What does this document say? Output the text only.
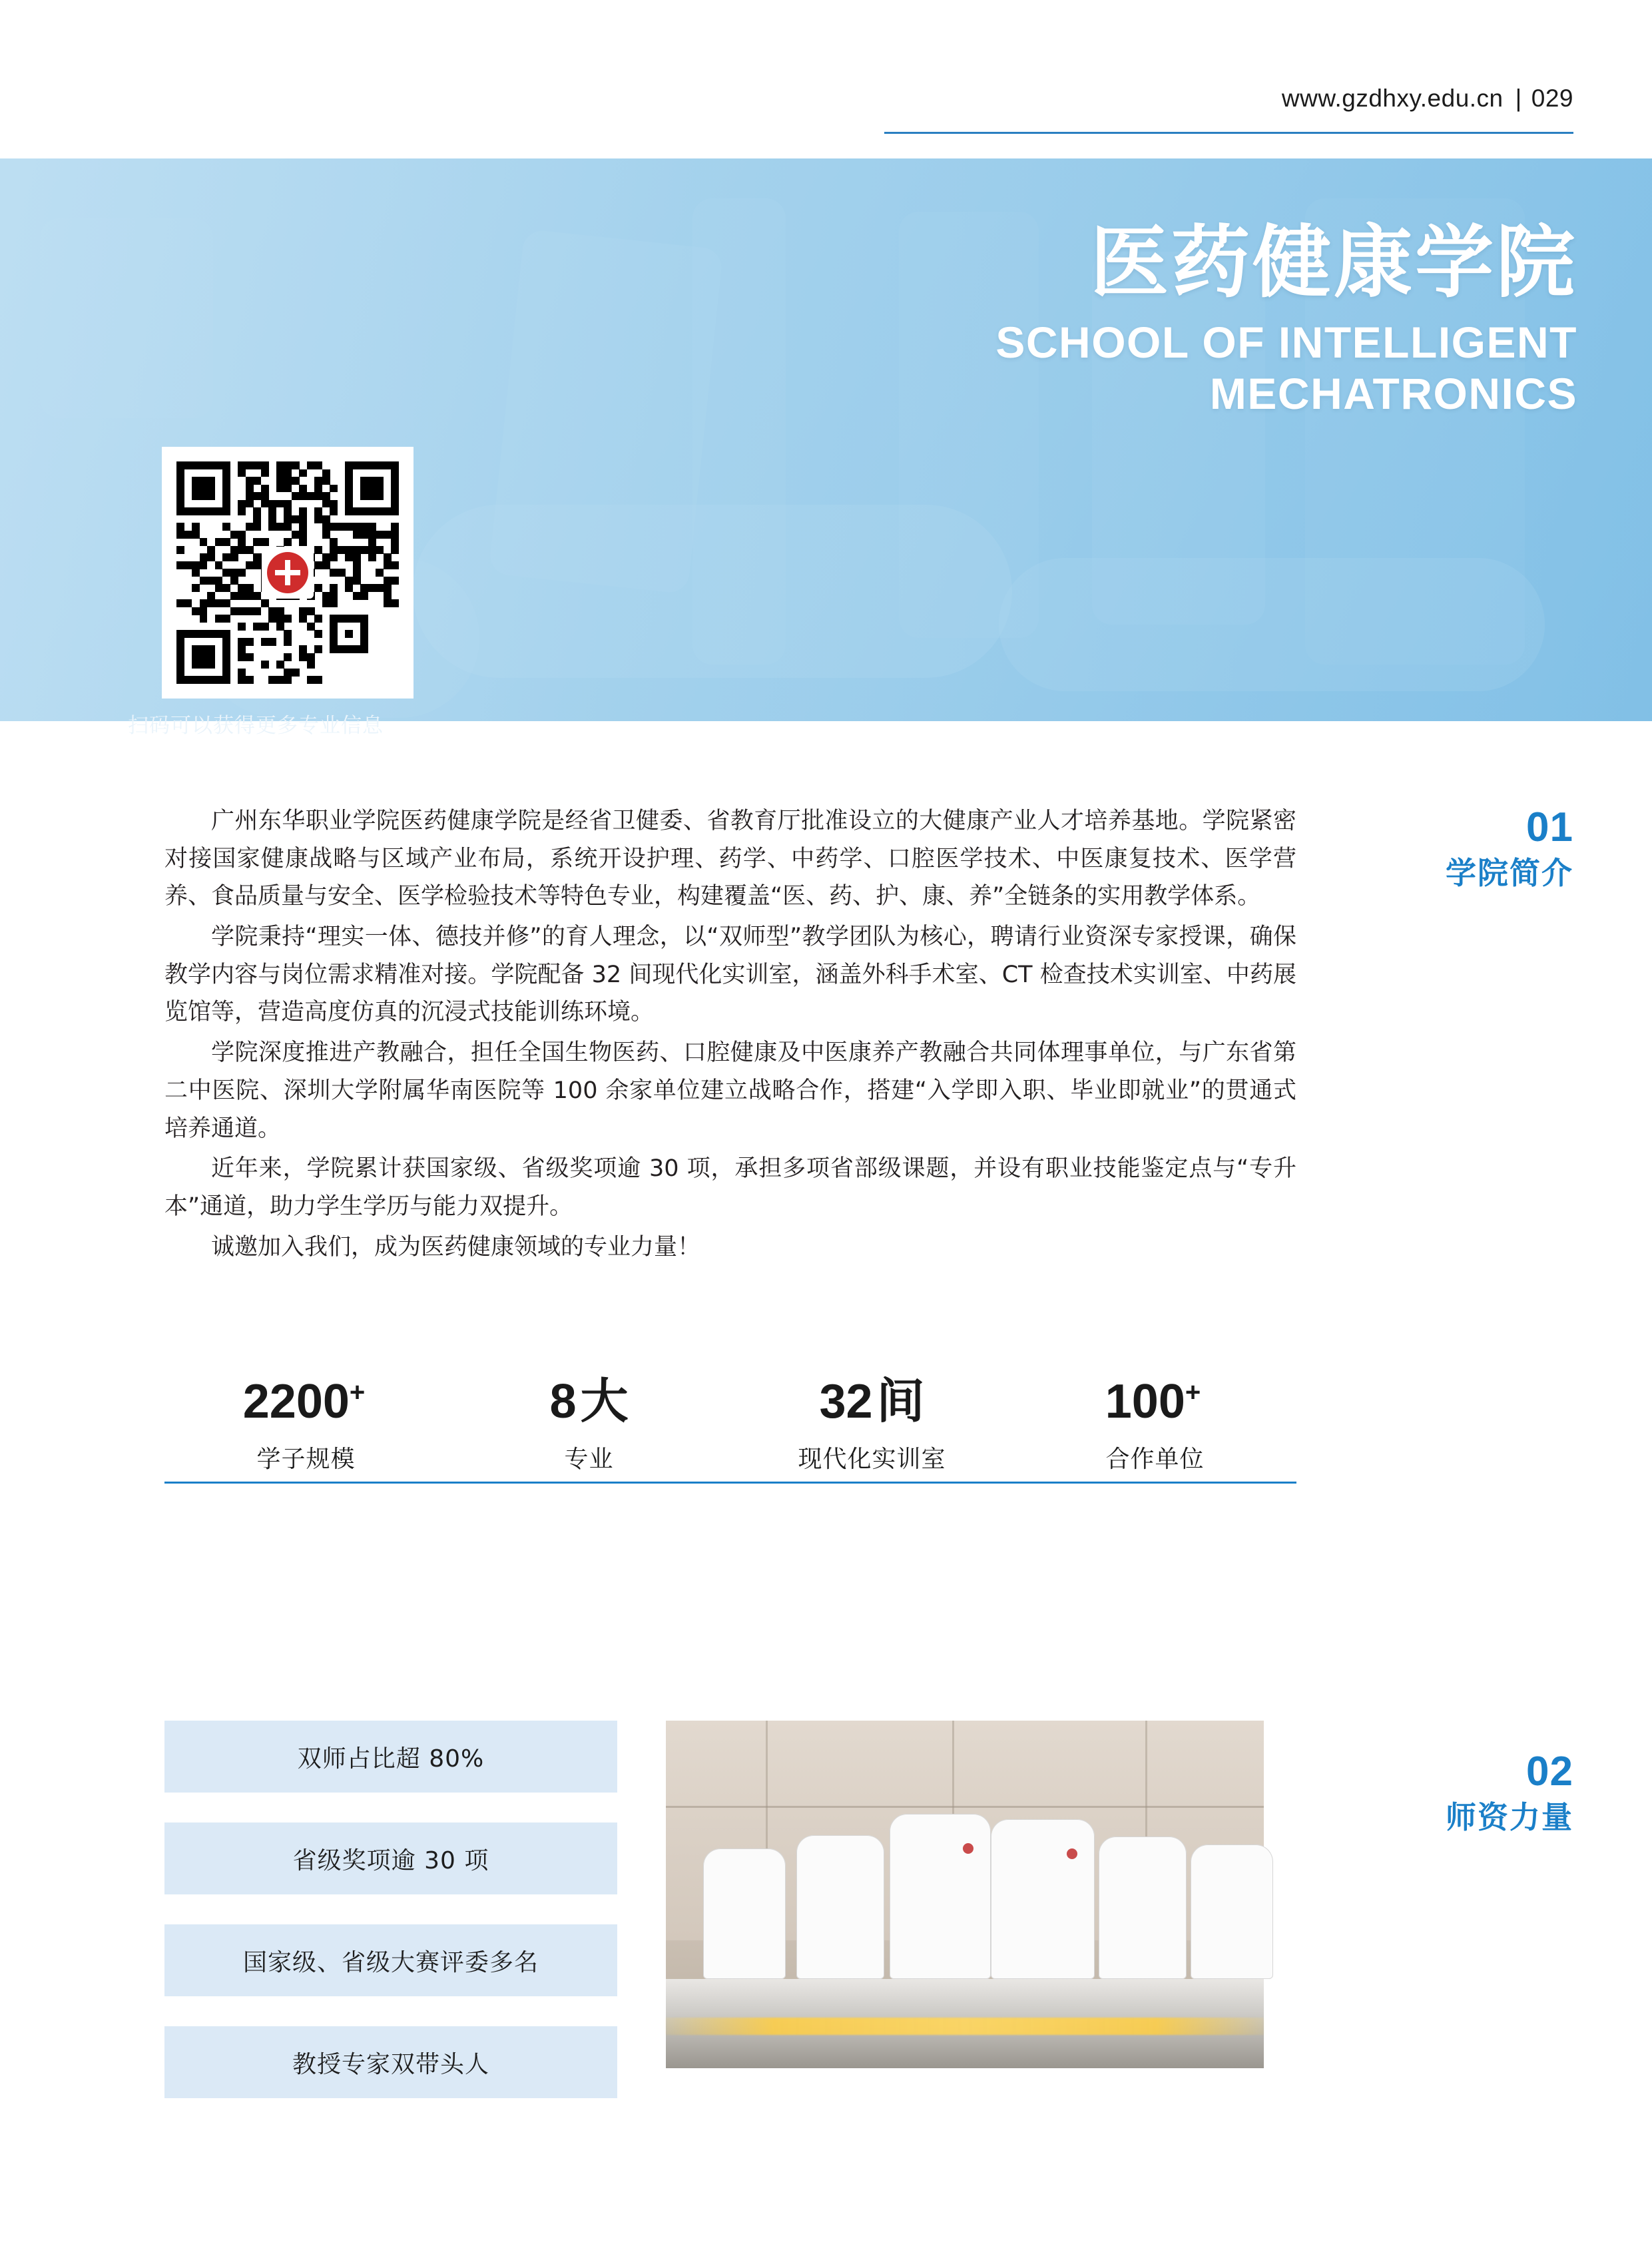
www.gzdhxy.edu.cn | 029
医药健康学院
SCHOOL OF INTELLIGENT
MECHATRONICS
扫码可以获得更多专业信息
01
学院简介

广州东华职业学院医药健康学院是经省卫健委、省教育厅批准设立的大健康产业人才培养基地。学院紧密对接国家健康战略与区域产业布局，系统开设护理、药学、中药学、口腔医学技术、中医康复技术、医学营养、食品质量与安全、医学检验技术等特色专业，构建覆盖“医、药、护、康、养”全链条的实用教学体系。

学院秉持“理实一体、德技并修”的育人理念，以“双师型”教学团队为核心，聘请行业资深专家授课，确保教学内容与岗位需求精准对接。学院配备 32 间现代化实训室，涵盖外科手术室、CT 检查技术实训室、中药展览馆等，营造高度仿真的沉浸式技能训练环境。

学院深度推进产教融合，担任全国生物医药、口腔健康及中医康养产教融合共同体理事单位，与广东省第二中医院、深圳大学附属华南医院等 100 余家单位建立战略合作，搭建“入学即入职、毕业即就业”的贯通式培养通道。

近年来，学院累计获国家级、省级奖项逾 30 项，承担多项省部级课题，并设有职业技能鉴定点与“专升本”通道，助力学生学历与能力双提升。

诚邀加入我们，成为医药健康领域的专业力量！

2200+
学子规模
8大
专业
32间
现代化实训室
100+
合作单位
02
师资力量
双师占比超 80%
省级奖项逾 30 项
国家级、省级大赛评委多名
教授专家双带头人
